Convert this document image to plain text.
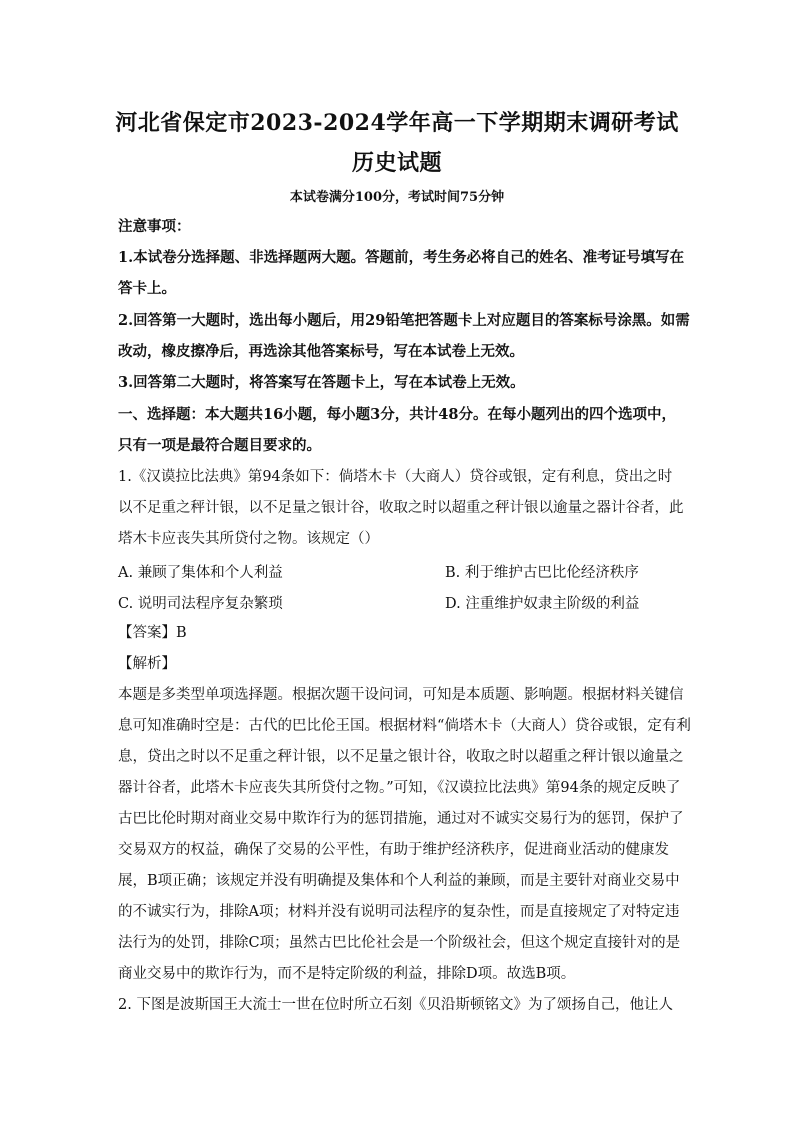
河北省保定市2023-2024学年高一下学期期末调研考试
历史试题
本试卷满分100分，考试时间75分钟
注意事项：
1.本试卷分选择题、非选择题两大题。答题前，考生务必将自己的姓名、准考证号填写在
答卡上。
2.回答第一大题时，选出每小题后，用29铅笔把答题卡上对应题目的答案标号涂黑。如需
改动，橡皮擦净后，再选涂其他答案标号，写在本试卷上无效。
3.回答第二大题时，将答案写在答题卡上，写在本试卷上无效。
一、选择题：本大题共16小题，每小题3分，共计48分。在每小题列出的四个选项中，
只有一项是最符合题目要求的。
1.《汉谟拉比法典》第94条如下：倘塔木卡（大商人）贷谷或银，定有利息，贷出之时
以不足重之秤计银，以不足量之银计谷，收取之时以超重之秤计银以逾量之器计谷者，此
塔木卡应丧失其所贷付之物。该规定（）
A. 兼顾了集体和个人利益	B. 利于维护古巴比伦经济秩序
C. 说明司法程序复杂繁琐	D. 注重维护奴隶主阶级的利益
【答案】B
【解析】
本题是多类型单项选择题。根据次题干设问词，可知是本质题、影响题。根据材料关键信
息可知准确时空是：古代的巴比伦王国。根据材料“倘塔木卡（大商人）贷谷或银，定有利
息，贷出之时以不足重之秤计银，以不足量之银计谷，收取之时以超重之秤计银以逾量之
器计谷者，此塔木卡应丧失其所贷付之物。”可知，《汉谟拉比法典》第94条的规定反映了
古巴比伦时期对商业交易中欺诈行为的惩罚措施，通过对不诚实交易行为的惩罚，保护了
交易双方的权益，确保了交易的公平性，有助于维护经济秩序，促进商业活动的健康发
展，B项正确；该规定并没有明确提及集体和个人利益的兼顾，而是主要针对商业交易中
的不诚实行为，排除A项；材料并没有说明司法程序的复杂性，而是直接规定了对特定违
法行为的处罚，排除C项；虽然古巴比伦社会是一个阶级社会，但这个规定直接针对的是
商业交易中的欺诈行为，而不是特定阶级的利益，排除D项。故选B项。
2. 下图是波斯国王大流士一世在位时所立石刻《贝沿斯顿铭文》为了颂扬自己，他让人
